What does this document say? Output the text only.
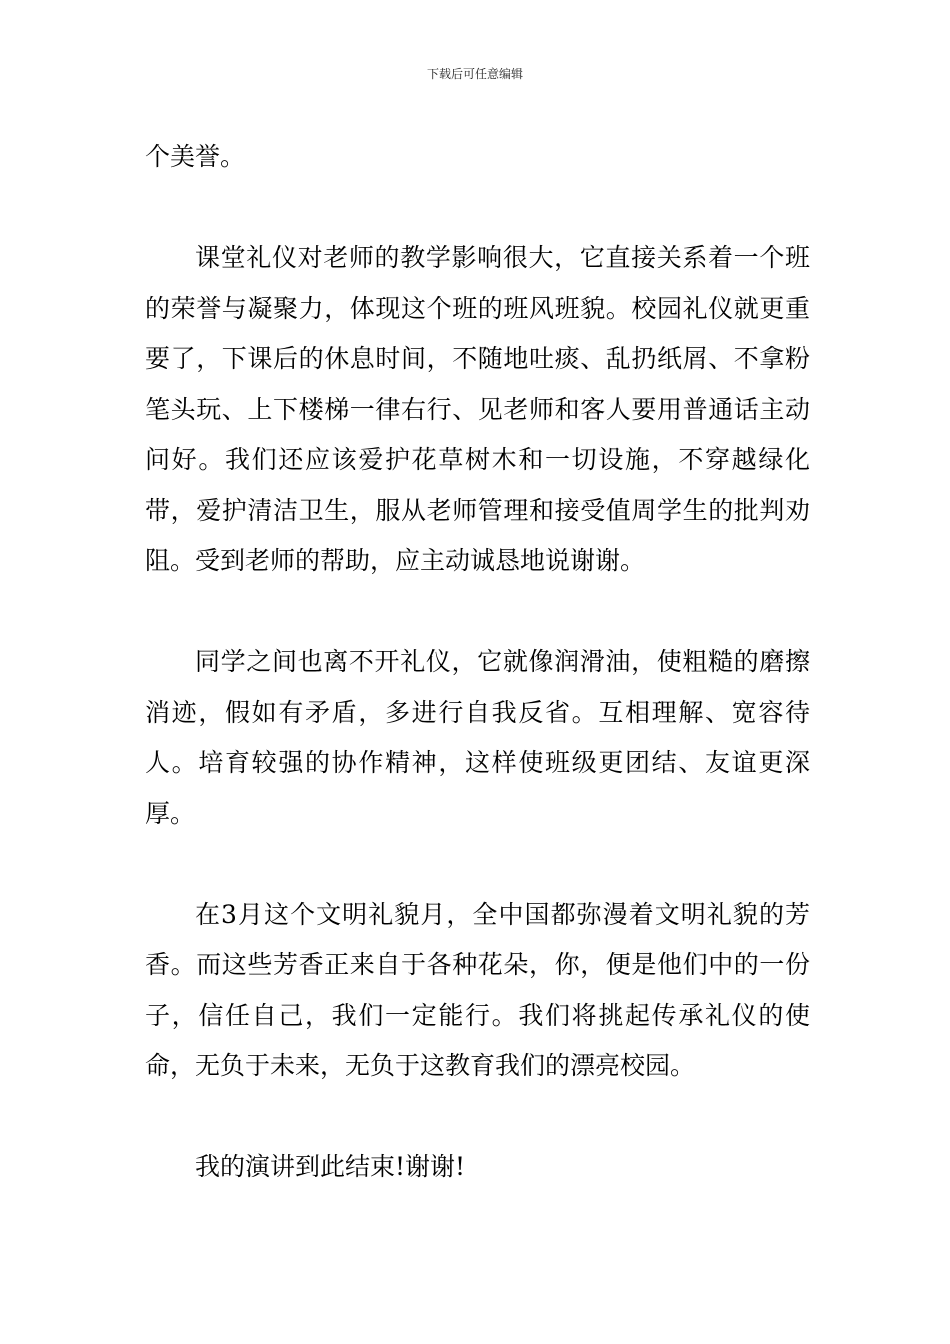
下载后可任意编辑

个美誉。

课堂礼仪对老师的教学影响很大，它直接关系着一个班的荣誉与凝聚力，体现这个班的班风班貌。校园礼仪就更重要了，下课后的休息时间，不随地吐痰、乱扔纸屑、不拿粉笔头玩、上下楼梯一律右行、见老师和客人要用普通话主动问好。我们还应该爱护花草树木和一切设施，不穿越绿化带，爱护清洁卫生，服从老师管理和接受值周学生的批判劝阻。受到老师的帮助，应主动诚恳地说谢谢。

同学之间也离不开礼仪，它就像润滑油，使粗糙的磨擦消迹，假如有矛盾，多进行自我反省。互相理解、宽容待人。培育较强的协作精神，这样使班级更团结、友谊更深厚。

在3月这个文明礼貌月，全中国都弥漫着文明礼貌的芳香。而这些芳香正来自于各种花朵，你，便是他们中的一份子，信任自己，我们一定能行。我们将挑起传承礼仪的使命，无负于未来，无负于这教育我们的漂亮校园。

我的演讲到此结束!谢谢!
